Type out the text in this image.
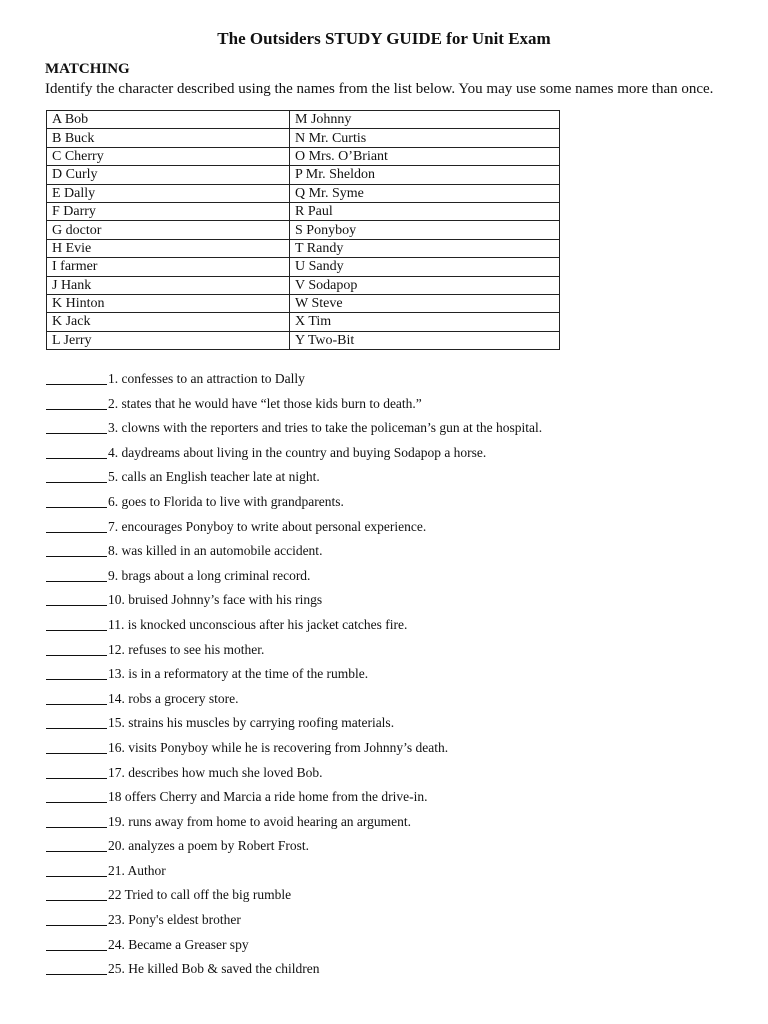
The Outsiders STUDY GUIDE for Unit Exam
MATCHING
Identify the character described using the names from the list below. You may use some names more than once.
A Bob	M Johnny
B Buck	N Mr. Curtis
C Cherry	O Mrs. O’Briant
D Curly	P Mr. Sheldon
E Dally	Q Mr. Syme
F Darry	R Paul
G doctor	S Ponyboy
H Evie	T Randy
I farmer	U Sandy
J Hank	V Sodapop
K Hinton	W Steve
K Jack	X Tim
L Jerry	Y Two-Bit
1. confesses to an attraction to Dally
2. states that he would have “let those kids burn to death.”
3. clowns with the reporters and tries to take the policeman’s gun at the hospital.
4. daydreams about living in the country and buying Sodapop a horse.
5. calls an English teacher late at night.
6. goes to Florida to live with grandparents.
7. encourages Ponyboy to write about personal experience.
8. was killed in an automobile accident.
9. brags about a long criminal record.
10. bruised Johnny’s face with his rings
11. is knocked unconscious after his jacket catches fire.
12. refuses to see his mother.
13. is in a reformatory at the time of the rumble.
14. robs a grocery store.
15. strains his muscles by carrying roofing materials.
16. visits Ponyboy while he is recovering from Johnny’s death.
17. describes how much she loved Bob.
18 offers Cherry and Marcia a ride home from the drive-in.
19. runs away from home to avoid hearing an argument.
20. analyzes a poem by Robert Frost.
21. Author
22 Tried to call off the big rumble
23. Pony's eldest brother
24. Became a Greaser spy
25. He killed Bob & saved the children
